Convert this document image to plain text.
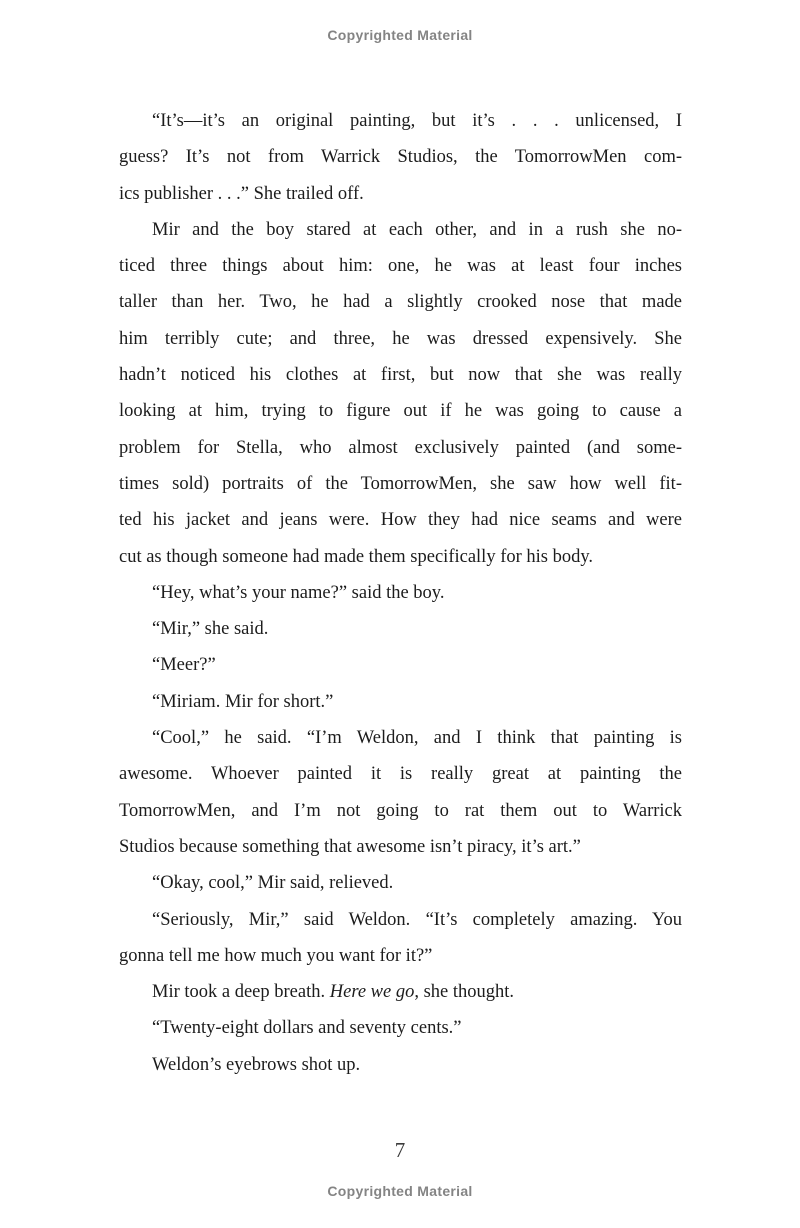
Copyrighted Material

“It’s—it’s an original painting, but it’s . . . unlicensed, I
guess? It’s not from Warrick Studios, the TomorrowMen com-
ics publisher . . .” She trailed off.

Mir and the boy stared at each other, and in a rush she no-
ticed three things about him: one, he was at least four inches
taller than her. Two, he had a slightly crooked nose that made
him terribly cute; and three, he was dressed expensively. She
hadn’t noticed his clothes at first, but now that she was really
looking at him, trying to figure out if he was going to cause a
problem for Stella, who almost exclusively painted (and some-
times sold) portraits of the TomorrowMen, she saw how well fit-
ted his jacket and jeans were. How they had nice seams and were
cut as though someone had made them specifically for his body.

“Hey, what’s your name?” said the boy.

“Mir,” she said.

“Meer?”

“Miriam. Mir for short.”

“Cool,” he said. “I’m Weldon, and I think that painting is
awesome. Whoever painted it is really great at painting the
TomorrowMen, and I’m not going to rat them out to Warrick
Studios because something that awesome isn’t piracy, it’s art.”

“Okay, cool,” Mir said, relieved.

“Seriously, Mir,” said Weldon. “It’s completely amazing. You
gonna tell me how much you want for it?”

Mir took a deep breath. Here we go, she thought.

“Twenty-eight dollars and seventy cents.”

Weldon’s eyebrows shot up.

7
Copyrighted Material
